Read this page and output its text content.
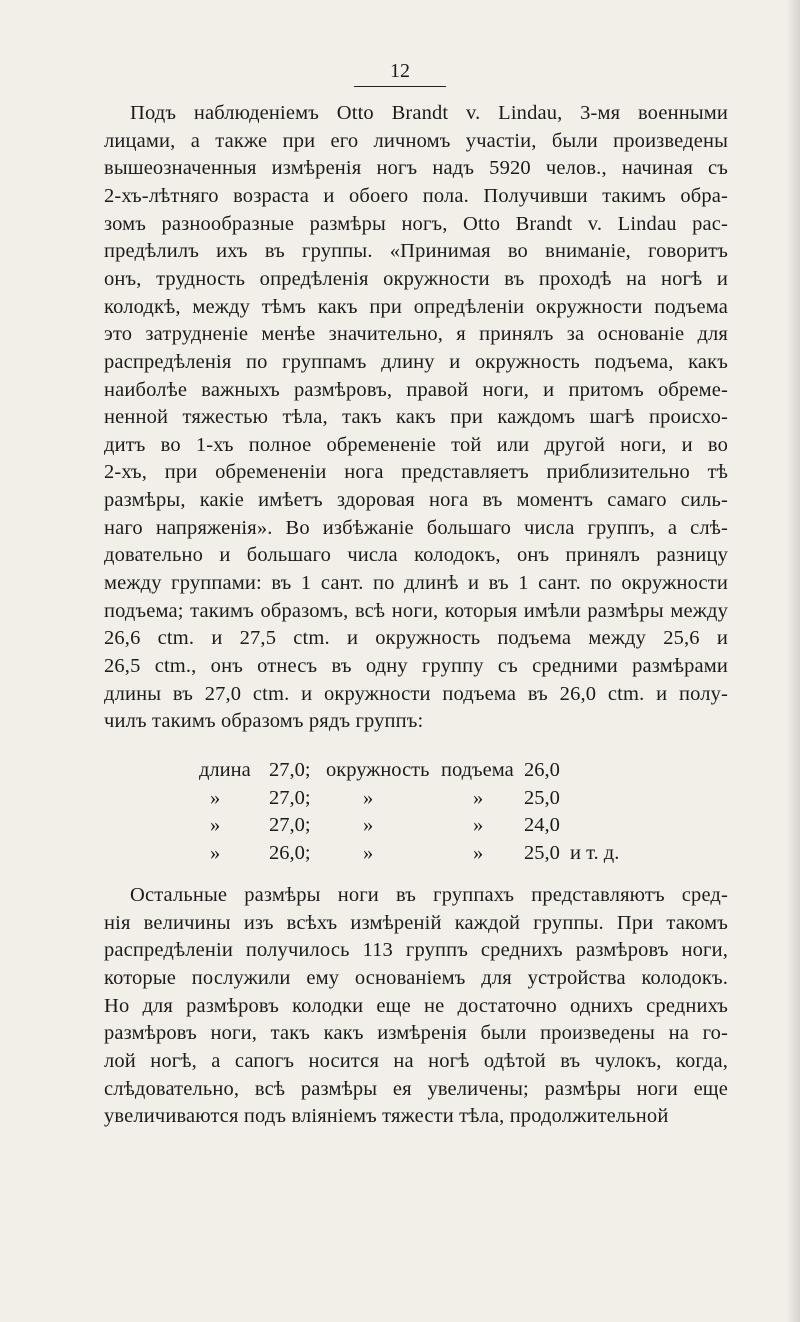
12
Подъ наблюденіемъ Otto Brandt v. Lindau, 3-мя военными
лицами, а также при его личномъ участіи, были произведены
вышеозначенныя измѣренія ногъ надъ 5920 челов., начиная съ
2-хъ-лѣтняго возраста и обоего пола. Получивши такимъ обра-
зомъ разнообразные размѣры ногъ, Otto Brandt v. Lindau рас-
предѣлилъ ихъ въ группы. «Принимая во вниманіе, говоритъ
онъ, трудность опредѣленія окружности въ проходѣ на ногѣ и
колодкѣ, между тѣмъ какъ при опредѣленіи окружности подъема
это затрудненіе менѣе значительно, я принялъ за основаніе для
распредѣленія по группамъ длину и окружность подъема, какъ
наиболѣе важныхъ размѣровъ, правой ноги, и притомъ обреме-
ненной тяжестью тѣла, такъ какъ при каждомъ шагѣ происхо-
дитъ во 1-хъ полное обремененіе той или другой ноги, и во
2-хъ, при обремененіи нога представляетъ приблизительно тѣ
размѣры, какіе имѣетъ здоровая нога въ моментъ самаго силь-
наго напряженія». Во избѣжаніе большаго числа группъ, а слѣ-
довательно и большаго числа колодокъ, онъ принялъ разницу
между группами: въ 1 сант. по длинѣ и въ 1 сант. по окружности
подъема; такимъ образомъ, всѣ ноги, которыя имѣли размѣры между
26,6 ctm. и 27,5 ctm. и окружность подъема между 25,6 и
26,5 ctm., онъ отнесъ въ одну группу съ средними размѣрами
длины въ 27,0 ctm. и окружности подъема въ 26,0 ctm. и полу-
чилъ такимъ образомъ рядъ группъ:
длина 27,0; окружность подъема 26,0
» 27,0;	»	» 25,0
» 27,0;	»	» 24,0
» 26,0;	»	» 25,0 и т. д.
Остальные размѣры ноги въ группахъ представляютъ сред-
нія величины изъ всѣхъ измѣреній каждой группы. При такомъ
распредѣленіи получилось 113 группъ среднихъ размѣровъ ноги,
которые послужили ему основаніемъ для устройства колодокъ.
Но для размѣровъ колодки еще не достаточно однихъ среднихъ
размѣровъ ноги, такъ какъ измѣренія были произведены на го-
лой ногѣ, а сапогъ носится на ногѣ одѣтой въ чулокъ, когда,
слѣдовательно, всѣ размѣры ея увеличены; размѣры ноги еще
увеличиваются подъ вліяніемъ тяжести тѣла, продолжительной
